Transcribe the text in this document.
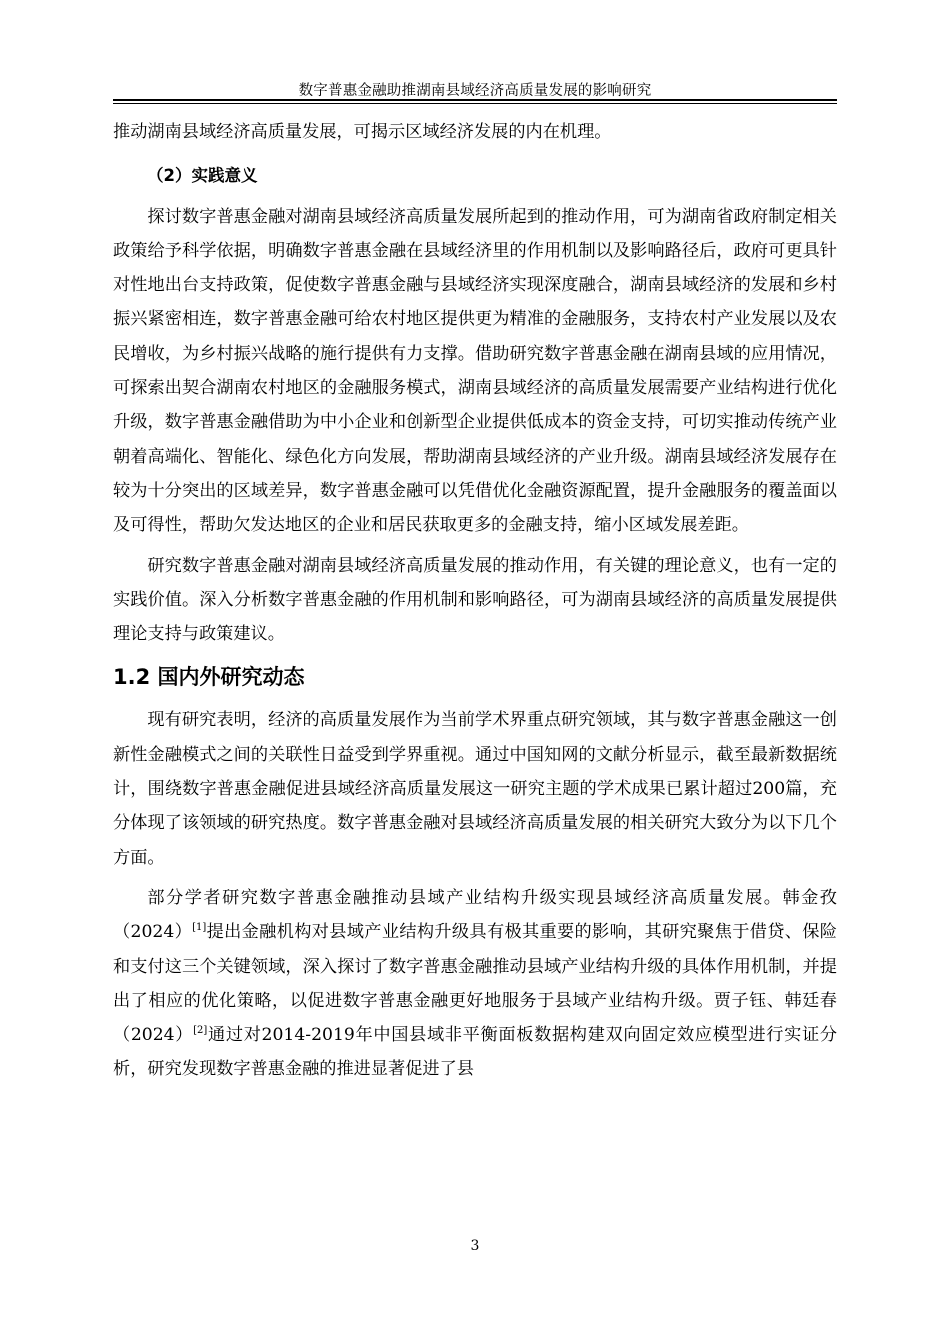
数字普惠金融助推湖南县域经济高质量发展的影响研究

推动湖南县域经济高质量发展，可揭示区域经济发展的内在机理。

（2）实践意义

探讨数字普惠金融对湖南县域经济高质量发展所起到的推动作用，可为湖南省政府制定相关政策给予科学依据，明确数字普惠金融在县域经济里的作用机制以及影响路径后，政府可更具针对性地出台支持政策，促使数字普惠金融与县域经济实现深度融合，湖南县域经济的发展和乡村振兴紧密相连，数字普惠金融可给农村地区提供更为精准的金融服务，支持农村产业发展以及农民增收，为乡村振兴战略的施行提供有力支撑。借助研究数字普惠金融在湖南县域的应用情况，可探索出契合湖南农村地区的金融服务模式，湖南县域经济的高质量发展需要产业结构进行优化升级，数字普惠金融借助为中小企业和创新型企业提供低成本的资金支持，可切实推动传统产业朝着高端化、智能化、绿色化方向发展，帮助湖南县域经济的产业升级。湖南县域经济发展存在较为十分突出的区域差异，数字普惠金融可以凭借优化金融资源配置，提升金融服务的覆盖面以及可得性，帮助欠发达地区的企业和居民获取更多的金融支持，缩小区域发展差距。

研究数字普惠金融对湖南县域经济高质量发展的推动作用，有关键的理论意义，也有一定的实践价值。深入分析数字普惠金融的作用机制和影响路径，可为湖南县域经济的高质量发展提供理论支持与政策建议。

1.2 国内外研究动态

现有研究表明，经济的高质量发展作为当前学术界重点研究领域，其与数字普惠金融这一创新性金融模式之间的关联性日益受到学界重视。通过中国知网的文献分析显示，截至最新数据统计，围绕数字普惠金融促进县域经济高质量发展这一研究主题的学术成果已累计超过200篇，充分体现了该领域的研究热度。数字普惠金融对县域经济高质量发展的相关研究大致分为以下几个方面。

部分学者研究数字普惠金融推动县域产业结构升级实现县域经济高质量发展。韩金孜（2024）[1]提出金融机构对县域产业结构升级具有极其重要的影响，其研究聚焦于借贷、保险和支付这三个关键领域，深入探讨了数字普惠金融推动县域产业结构升级的具体作用机制，并提出了相应的优化策略，以促进数字普惠金融更好地服务于县域产业结构升级。贾子钰、韩廷春（2024）[2]通过对2014-2019年中国县域非平衡面板数据构建双向固定效应模型进行实证分析，研究发现数字普惠金融的推进显著促进了县

3
